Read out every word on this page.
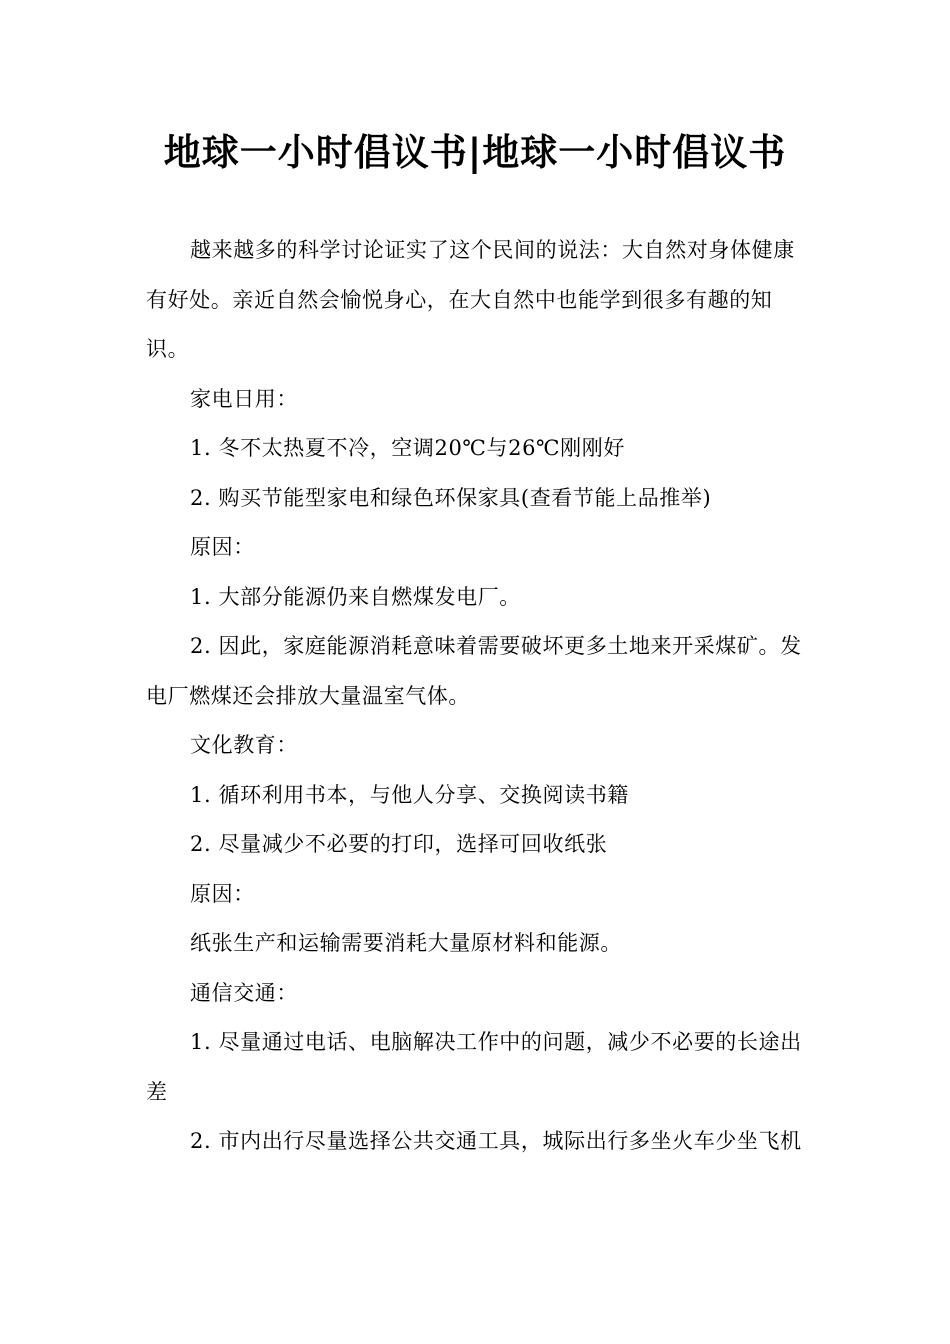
地球一小时倡议书|地球一小时倡议书

越来越多的科学讨论证实了这个民间的说法：大自然对身体健康有好处。亲近自然会愉悦身心，在大自然中也能学到很多有趣的知识。

家电日用：

1. 冬不太热夏不冷，空调20℃与26℃刚刚好

2. 购买节能型家电和绿色环保家具(查看节能上品推举)

原因：

1. 大部分能源仍来自燃煤发电厂。

2. 因此，家庭能源消耗意味着需要破坏更多土地来开采煤矿。发电厂燃煤还会排放大量温室气体。

文化教育：

1. 循环利用书本，与他人分享、交换阅读书籍

2. 尽量减少不必要的打印，选择可回收纸张

原因：

纸张生产和运输需要消耗大量原材料和能源。

通信交通：

1. 尽量通过电话、电脑解决工作中的问题，减少不必要的长途出差

2. 市内出行尽量选择公共交通工具，城际出行多坐火车少坐飞机
